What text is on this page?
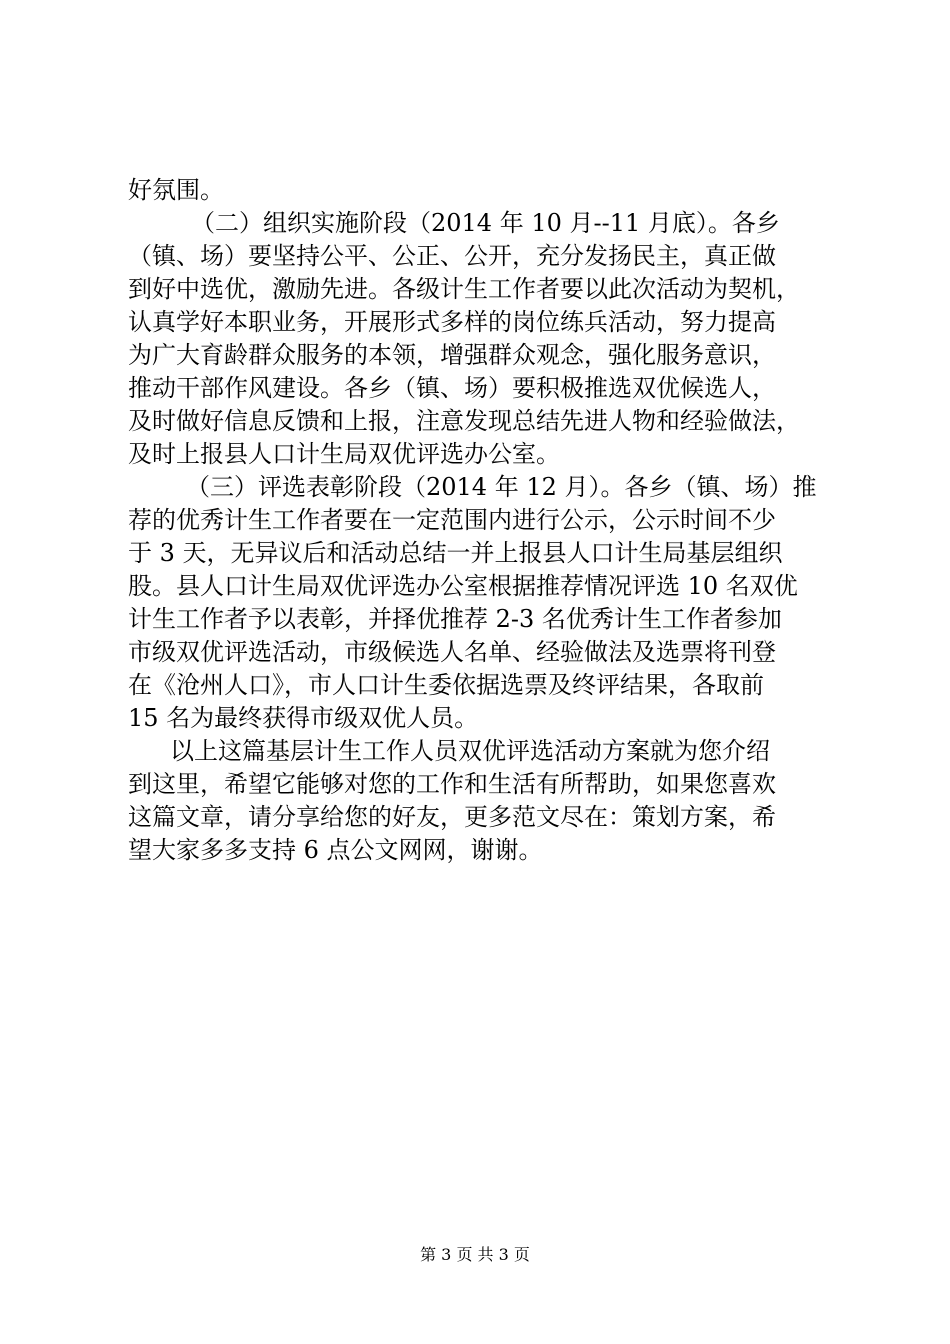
好氛围。
（二）组织实施阶段（2014 年 10 月--11 月底）。各乡
（镇、场）要坚持公平、公正、公开，充分发扬民主，真正做
到好中选优，激励先进。各级计生工作者要以此次活动为契机，
认真学好本职业务，开展形式多样的岗位练兵活动，努力提高
为广大育龄群众服务的本领，增强群众观念，强化服务意识，
推动干部作风建设。各乡（镇、场）要积极推选双优候选人，
及时做好信息反馈和上报，注意发现总结先进人物和经验做法，
及时上报县人口计生局双优评选办公室。
（三）评选表彰阶段（2014 年 12 月）。各乡（镇、场）推
荐的优秀计生工作者要在一定范围内进行公示，公示时间不少
于 3 天，无异议后和活动总结一并上报县人口计生局基层组织
股。县人口计生局双优评选办公室根据推荐情况评选 10 名双优
计生工作者予以表彰，并择优推荐 2-3 名优秀计生工作者参加
市级双优评选活动，市级候选人名单、经验做法及选票将刊登
在《沧州人口》，市人口计生委依据选票及终评结果，各取前
15 名为最终获得市级双优人员。
以上这篇基层计生工作人员双优评选活动方案就为您介绍
到这里，希望它能够对您的工作和生活有所帮助，如果您喜欢
这篇文章，请分享给您的好友，更多范文尽在：策划方案，希
望大家多多支持 6 点公文网网，谢谢。
第 3 页 共 3 页
